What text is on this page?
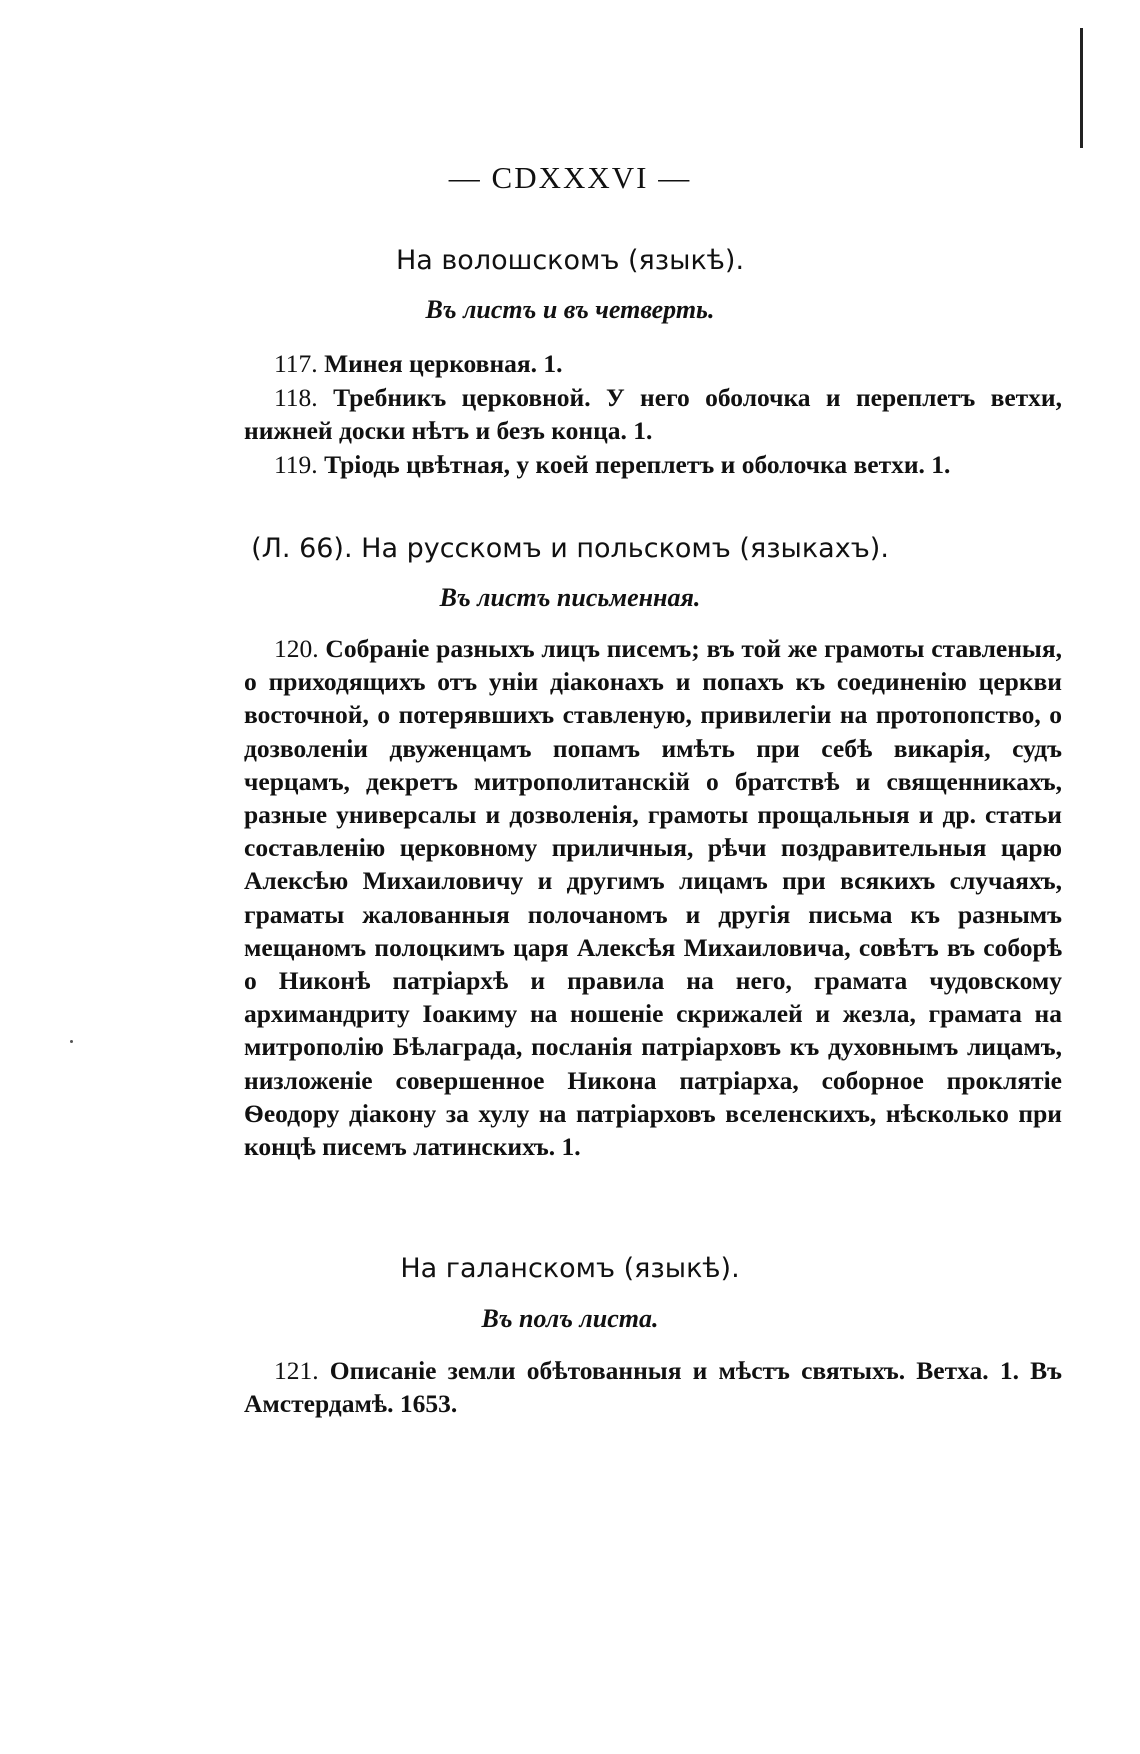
— CDXXXVI —
На волошскомъ (языкѣ).
Въ листъ и въ четверть.

117. Минея церковная. 1.

118. Требникъ церковной. У него оболочка и переплетъ ветхи, нижней доски нѣтъ и безъ конца. 1.

119. Тріодь цвѣтная, у коей переплетъ и оболочка ветхи. 1.

(Л. 66). На русскомъ и польскомъ (языкахъ).
Въ листъ письменная.

120. Собраніе разныхъ лицъ писемъ; въ той же грамоты ставленыя, о приходящихъ отъ уніи діаконахъ и попахъ къ соединенію церкви восточной, о потерявшихъ ставленую, привилегіи на протопопство, о дозволеніи двуженцамъ попамъ имѣть при себѣ викарія, судъ черцамъ, декретъ митрополитанскій о братствѣ и священникахъ, разные универсалы и дозволенія, грамоты прощальныя и др. статьи составленію церковному приличныя, рѣчи поздравительныя царю Алексѣю Михаиловичу и другимъ лицамъ при всякихъ случаяхъ, граматы жалованныя полочаномъ и другія письма къ разнымъ мещаномъ полоцкимъ царя Алексѣя Михаиловича, совѣтъ въ соборѣ о Никонѣ патріархѣ и правила на него, грамата чудовскому архимандриту Іоакиму на ношеніе скрижалей и жезла, грамата на митрополію Бѣлаграда, посланія патріарховъ къ духовнымъ лицамъ, низложеніе совершенное Никона патріарха, соборное проклятіе Ѳеодору діакону за хулу на патріарховъ вселенскихъ, нѣсколько при концѣ писемъ латинскихъ. 1.

На галанскомъ (языкѣ).
Въ полъ листа.

121. Описаніе земли обѣтованныя и мѣстъ святыхъ. Ветха. 1. Въ Амстердамѣ. 1653.
